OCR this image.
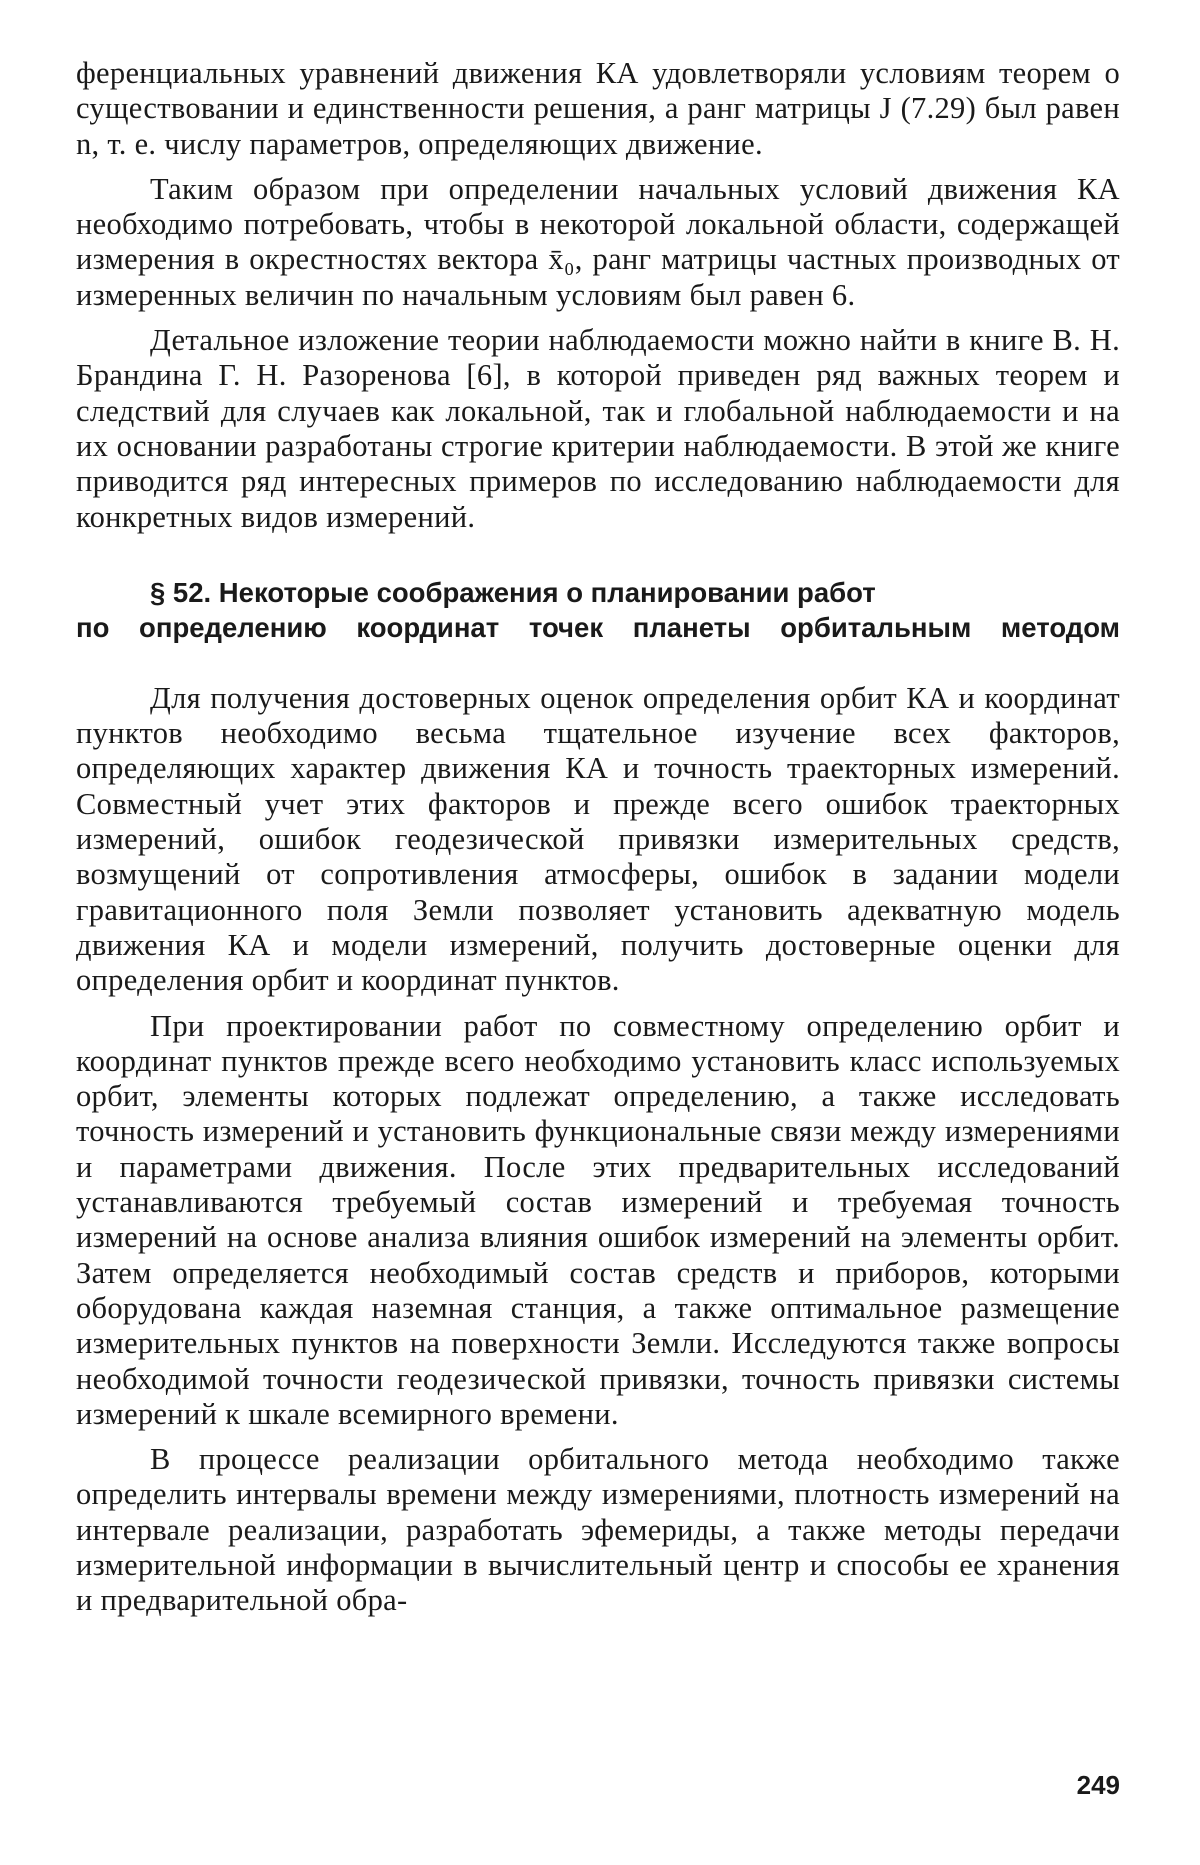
ференциальных уравнений движения КА удовлетворяли условиям теорем о существовании и единственности решения, а ранг матрицы J (7.29) был равен n, т. е. числу параметров, определяющих движение.

Таким образом при определении начальных условий движения КА необходимо потребовать, чтобы в некоторой локальной области, содержащей измерения в окрестностях вектора x̄₀, ранг матрицы частных производных от измеренных величин по начальным условиям был равен 6.

Детальное изложение теории наблюдаемости можно найти в книге В. Н. Брандина Г. Н. Разоренова [6], в которой приведен ряд важных теорем и следствий для случаев как локальной, так и глобальной наблюдаемости и на их основании разработаны строгие критерии наблюдаемости. В этой же книге приводится ряд интересных примеров по исследованию наблюдаемости для конкретных видов измерений.

§ 52. Некоторые соображения о планировании работ
по определению координат точек планеты орбитальным методом

Для получения достоверных оценок определения орбит КА и координат пунктов необходимо весьма тщательное изучение всех факторов, определяющих характер движения КА и точность траекторных измерений. Совместный учет этих факторов и прежде всего ошибок траекторных измерений, ошибок геодезической привязки измерительных средств, возмущений от сопротивления атмосферы, ошибок в задании модели гравитационного поля Земли позволяет установить адекватную модель движения КА и модели измерений, получить достоверные оценки для определения орбит и координат пунктов.

При проектировании работ по совместному определению орбит и координат пунктов прежде всего необходимо установить класс используемых орбит, элементы которых подлежат определению, а также исследовать точность измерений и установить функциональные связи между измерениями и параметрами движения. После этих предварительных исследований устанавливаются требуемый состав измерений и требуемая точность измерений на основе анализа влияния ошибок измерений на элементы орбит. Затем определяется необходимый состав средств и приборов, которыми оборудована каждая наземная станция, а также оптимальное размещение измерительных пунктов на поверхности Земли. Исследуются также вопросы необходимой точности геодезической привязки, точность привязки системы измерений к шкале всемирного времени.

В процессе реализации орбитального метода необходимо также определить интервалы времени между измерениями, плотность измерений на интервале реализации, разработать эфемериды, а также методы передачи измерительной информации в вычислительный центр и способы ее хранения и предварительной обра-

249
